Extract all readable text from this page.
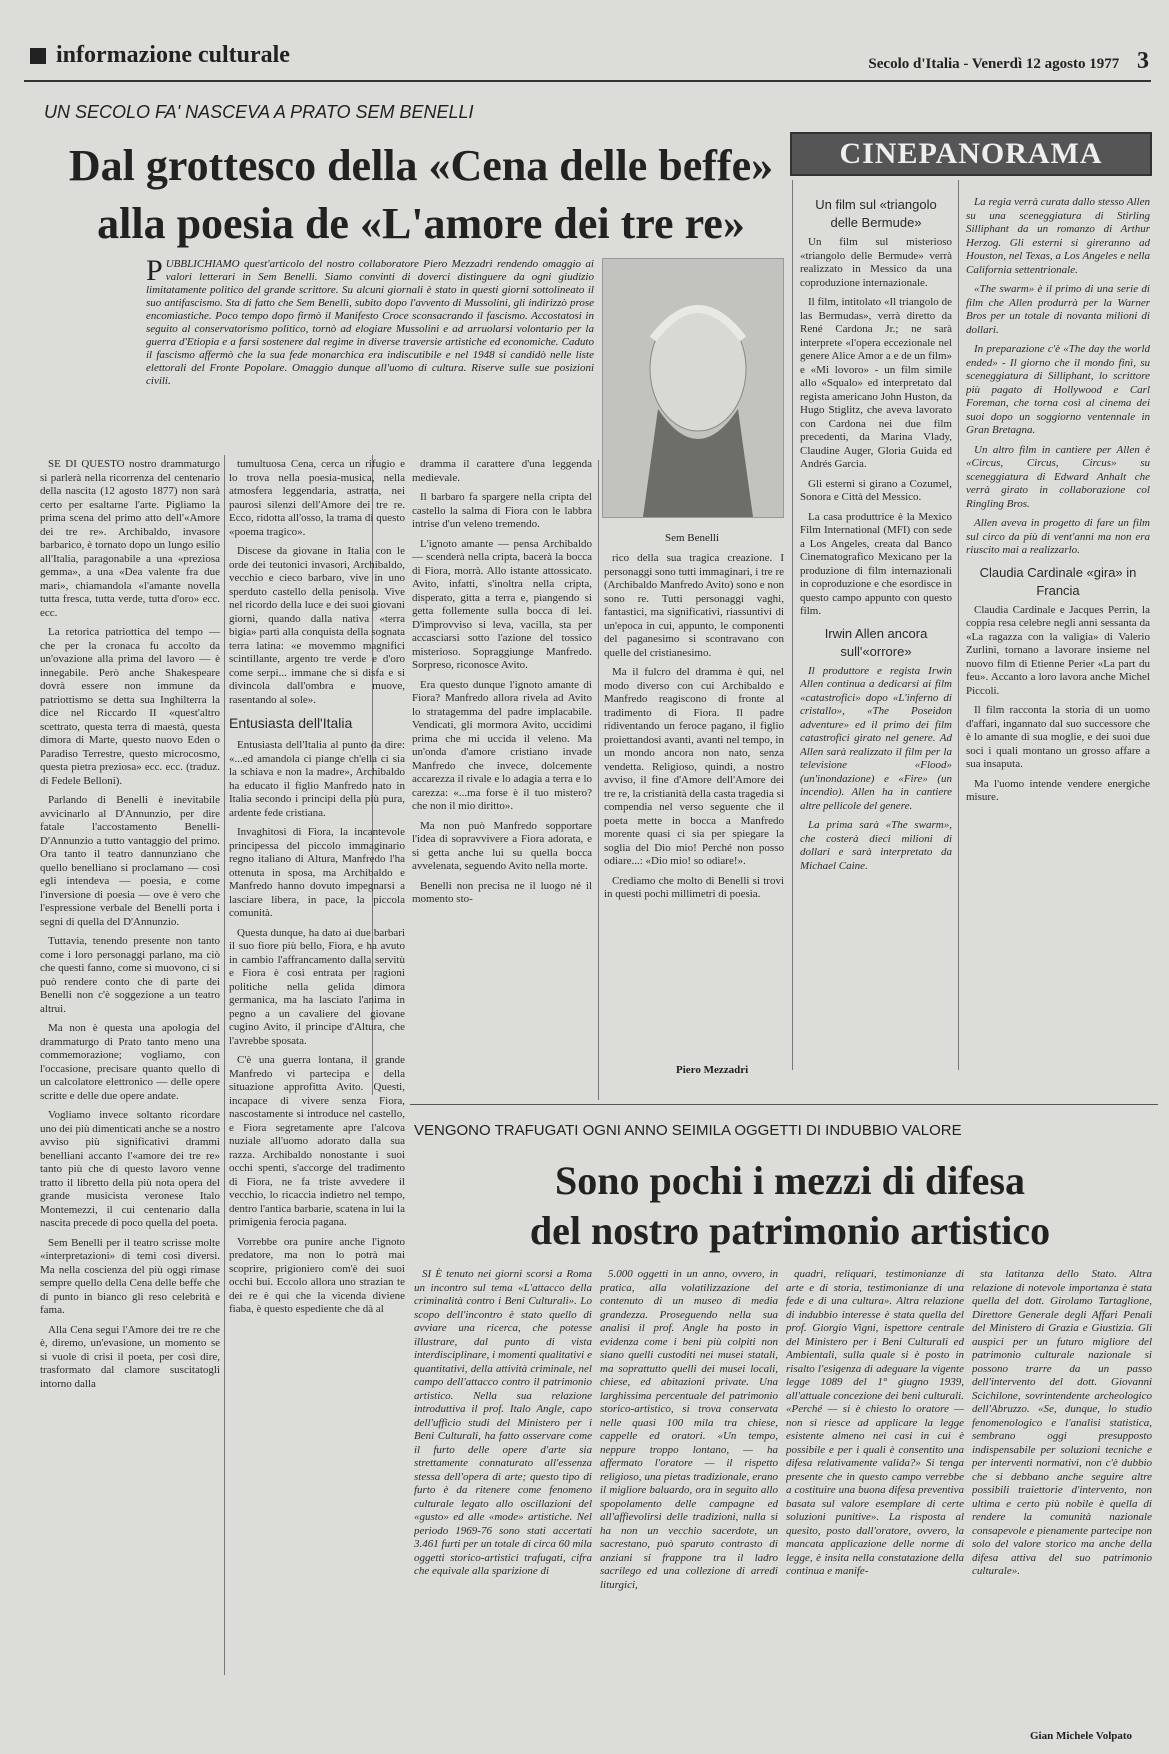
informazione culturale	Secolo d'Italia - Venerdì 12 agosto 1977 3
UN SECOLO FA' NASCEVA A PRATO SEM BENELLI
Dal grottesco della «Cena delle beffe»
alla poesia de «L'amore dei tre re»
PUBBLICHIAMO quest'articolo del nostro collaboratore Piero Mezzadri rendendo omaggio ai valori letterari in Sem Benelli. Siamo convinti di doverci distinguere da ogni giudizio limitatamente politico del grande scrittore. Su alcuni giornali è stato in questi giorni sottolineato il suo antifascismo. Sta di fatto che Sem Benelli, subito dopo l'avvento di Mussolini, gli indirizzò prose encomiastiche. Poco tempo dopo firmò il Manifesto Croce sconsacrando il fascismo. Accostatosi in seguito al conservatorismo politico, tornò ad elogiare Mussolini e ad arruolarsi volontario per la guerra d'Etiopia e a farsi sostenere dal regime in diverse traversie artistiche ed economiche. Caduto il fascismo affermò che la sua fede monarchica era indiscutibile e nel 1948 si candidò nelle liste elettorali del Fronte Popolare. Omaggio dunque all'uomo di cultura. Riserve sulle sue posizioni civili.
Sem Benelli

SE DI QUESTO nostro drammaturgo si parlerà nella ricorrenza del centenario della nascita (12 agosto 1877) non sarà certo per esaltarne l'arte. Pigliamo la prima scena del primo atto dell'«Amore dei tre re». Archibaldo, invasore barbarico, è tornato dopo un lungo esilio all'Italia, paragonabile a una «preziosa gemma», a una «Dea valente fra due mari», chiamandola «l'amante novella tutta fresca, tutta verde, tutta d'oro» ecc. ecc.

La retorica patriottica del tempo — che per la cronaca fu accolto da un'ovazione alla prima del lavoro — è innegabile. Però anche Shakespeare dovrà essere non immune da patriottismo se detta sua Inghilterra la dice nel Riccardo II «quest'altro scettrato, questa terra di maestà, questa dimora di Marte, questo nuovo Eden o Paradiso Terrestre, questo microcosmo, questa pietra preziosa» ecc. ecc. (traduz. di Fedele Belloni).

Parlando di Benelli è inevitabile avvicinarlo al D'Annunzio, per dire fatale l'accostamento Benelli-D'Annunzio a tutto vantaggio del primo. Ora tanto il teatro dannunziano che quello benelliano si proclamano — così egli intendeva — poesia, e come l'inversione di poesia — ove è vero che l'espressione verbale del Benelli porta i segni di quella del D'Annunzio.

Tuttavia, tenendo presente non tanto come i loro personaggi parlano, ma ciò che questi fanno, come si muovono, ci si può rendere conto che di parte dei Benelli non c'è soggezione a un teatro altrui.

Ma non è questa una apologia del drammaturgo di Prato tanto meno una commemorazione; vogliamo, con l'occasione, precisare quanto quello di un calcolatore elettronico — delle opere scritte e delle due opere andate.

Vogliamo invece soltanto ricordare uno dei più dimenticati anche se a nostro avviso più significativi drammi benelliani accanto l'«amore dei tre re» tanto più che di questo lavoro venne tratto il libretto della più nota opera del grande musicista veronese Italo Montemezzi, il cui centenario dalla nascita precede di poco quella del poeta.

Sem Benelli per il teatro scrisse molte «interpretazioni» di temi così diversi. Ma nella coscienza del più oggi rimase sempre quello della Cena delle beffe che di punto in bianco gli reso celebrità e fama.

Alla Cena segui l'Amore dei tre re che è, diremo, un'evasione, un momento se si vuole di crisi il poeta, per così dire, trasformato dal clamore suscitatogli intorno dalla

tumultuosa Cena, cerca un rifugio e lo trova nella poesia-musica, nella atmosfera leggendaria, astratta, nei paurosi silenzi dell'Amore dei tre re. Ecco, ridotta all'osso, la trama di questo «poema tragico».

Discese da giovane in Italia con le orde dei teutonici invasori, Archibaldo, vecchio e cieco barbaro, vive in uno sperduto castello della penisola. Vive nel ricordo della luce e dei suoi giovani giorni, quando dalla nativa «terra bigia» partì alla conquista della sognata terra latina: «e movemmo magnifici scintillante, argento tre verde e d'oro come serpi... immane che si disfa e si divincola dall'ombra e muove, rasentando al sole».

Entusiasta dell'Italia

Entusiasta dell'Italia al punto da dire: «...ed amandola ci piange ch'ella ci sia la schiava e non la madre», Archibaldo ha educato il figlio Manfredo nato in Italia secondo i principi della più pura, ardente fede cristiana.

Invaghitosi di Fiora, la incantevole principessa del piccolo immaginario regno italiano di Altura, Manfredo l'ha ottenuta in sposa, ma Archibaldo e Manfredo hanno dovuto impegnarsi a lasciare libera, in pace, la piccola comunità.

Questa dunque, ha dato ai due barbari il suo fiore più bello, Fiora, e ha avuto in cambio l'affrancamento dalla servitù e Fiora è così entrata per ragioni politiche nella gelida dimora germanica, ma ha lasciato l'anima in pegno a un cavaliere del giovane cugino Avito, il principe d'Altura, che l'avrebbe sposata.

C'è una guerra lontana, il grande Manfredo vi partecipa e della situazione approfitta Avito. Questi, incapace di vivere senza Fiora, nascostamente si introduce nel castello, e Fiora segretamente apre l'alcova nuziale all'uomo adorato dalla sua razza. Archibaldo nonostante i suoi occhi spenti, s'accorge del tradimento di Fiora, ne fa triste avvedere il vecchio, lo ricaccia indietro nel tempo, dentro l'antica barbarie, scatena in lui la primigenia ferocia pagana.

Vorrebbe ora punire anche l'ignoto predatore, ma non lo potrà mai scoprire, prigioniero com'è dei suoi occhi bui. Eccolo allora uno strazian te dei re è qui che la vicenda diviene fiaba, è questo espediente che dà al

dramma il carattere d'una leggenda medievale.

Il barbaro fa spargere nella cripta del castello la salma di Fiora con le labbra intrise d'un veleno tremendo.

L'ignoto amante — pensa Archibaldo — scenderà nella cripta, bacerà la bocca di Fiora, morrà. Allo istante attossicato. Avito, infatti, s'inoltra nella cripta, disperato, gitta a terra e, piangendo si getta follemente sulla bocca di lei. D'improvviso si leva, vacilla, sta per accasciarsi sotto l'azione del tossico misterioso. Sopraggiunge Manfredo. Sorpreso, riconosce Avito.

Era questo dunque l'ignoto amante di Fiora? Manfredo allora rivela ad Avito lo stratagemma del padre implacabile. Vendicati, gli mormora Avito, uccidimi prima che mi uccida il veleno. Ma un'onda d'amore cristiano invade Manfredo che invece, dolcemente accarezza il rivale e lo adagia a terra e lo carezza: «...ma forse è il tuo mistero? che non il mio diritto».

Ma non può Manfredo sopportare l'idea di sopravvivere a Fiora adorata, e si getta anche lui su quella bocca avvelenata, seguendo Avito nella morte.

Benelli non precisa ne il luogo né il momento sto-

rico della sua tragica creazione. I personaggi sono tutti immaginari, i tre re (Archibaldo Manfredo Avito) sono e non sono re. Tutti personaggi vaghi, fantastici, ma significativi, riassuntivi di un'epoca in cui, appunto, le componenti del paganesimo si scontravano con quelle del cristianesimo.

Ma il fulcro del dramma è qui, nel modo diverso con cui Archibaldo e Manfredo reagiscono di fronte al tradimento di Fiora. Il padre ridiventando un feroce pagano, il figlio proiettandosi avanti, avanti nel tempo, in un mondo ancora non nato, senza vendetta. Religioso, quindi, a nostro avviso, il fine d'Amore dell'Amore dei tre re, la cristianità della casta tragedia si compendia nel verso seguente che il poeta mette in bocca a Manfredo morente quasi ci sia per spiegare la soglia del Dio mio! Perché non posso odiare...: «Dio mio! so odiare!».

Crediamo che molto di Benelli si trovi in questi pochi millimetri di poesia.

Piero Mezzadri
CINEPANORAMA
Un film sul «triangolo delle Bermude»

Un film sul misterioso «triangolo delle Bermude» verrà realizzato in Messico da una coproduzione internazionale.

Il film, intitolato «Il triangolo de las Bermudas», verrà diretto da René Cardona Jr.; ne sarà interprete «l'opera eccezionale nel genere Alice Amor a e de un film» e «Mi lovoro» - un film simile allo «Squalo» ed interpretato dal regista americano John Huston, da Hugo Stiglitz, che aveva lavorato con Cardona nei due film precedenti, da Marina Vlady, Claudine Auger, Gloria Guida ed Andrés Garcia.

Gli esterni si girano a Cozumel, Sonora e Città del Messico.

La casa produttrice è la Mexico Film International (MFI) con sede a Los Angeles, creata dal Banco Cinematografico Mexicano per la produzione di film internazionali in coproduzione e che esordisce in questo campo appunto con questo film.

Irwin Allen ancora sull'«orrore»

Il produttore e regista Irwin Allen continua a dedicarsi ai film «catastrofici» dopo «L'inferno di cristallo», «The Poseidon adventure» ed il primo dei film catastrofici girato nel genere. Ad Allen sarà realizzato il film per la televisione «Flood» (un'inondazione) e «Fire» (un incendio). Allen ha in cantiere altre pellicole del genere.

La prima sarà «The swarm», che costerà dieci milioni di dollari e sarà interpretato da Michael Caine.

La regia verrà curata dallo stesso Allen su una sceneggiatura di Stirling Silliphant da un romanzo di Arthur Herzog. Gli esterni si gireranno ad Houston, nel Texas, a Los Angeles e nella California settentrionale.

«The swarm» è il primo di una serie di film che Allen produrrà per la Warner Bros per un totale di novanta milioni di dollari.

In preparazione c'è «The day the world ended» - Il giorno che il mondo finì, su sceneggiatura di Silliphant, lo scrittore più pagato di Hollywood e Carl Foreman, che torna così al cinema dei suoi dopo un soggiorno ventennale in Gran Bretagna.

Un altro film in cantiere per Allen è «Circus, Circus, Circus» su sceneggiatura di Edward Anhalt che verrà girato in collaborazione col Ringling Bros.

Allen aveva in progetto di fare un film sul circo da più di vent'anni ma non era riuscito mai a realizzarlo.

Claudia Cardinale «gira» in Francia

Claudia Cardinale e Jacques Perrin, la coppia resa celebre negli anni sessanta da «La ragazza con la valigia» di Valerio Zurlini, tornano a lavorare insieme nel nuovo film di Etienne Perier «La part du feu». Accanto a loro lavora anche Michel Piccoli.

Il film racconta la storia di un uomo d'affari, ingannato dal suo successore che è lo amante di sua moglie, e dei suoi due soci i quali montano un grosso affare a sua insaputa.

Ma l'uomo intende vendere energiche misure.

VENGONO TRAFUGATI OGNI ANNO SEIMILA OGGETTI DI INDUBBIO VALORE
Sono pochi i mezzi di difesa
del nostro patrimonio artistico

SI È tenuto nei giorni scorsi a Roma un incontro sul tema «L'attacco della criminalità contro i Beni Culturali». Lo scopo dell'incontro è stato quello di avviare una ricerca, che potesse illustrare, dal punto di vista interdisciplinare, i momenti qualitativi e quantitativi, della attività criminale, nel campo dell'attacco contro il patrimonio artistico. Nella sua relazione introduttiva il prof. Italo Angle, capo dell'ufficio studi del Ministero per i Beni Culturali, ha fatto osservare come il furto delle opere d'arte sia strettamente connaturato all'essenza stessa dell'opera di arte; questo tipo di furto è da ritenere come fenomeno culturale legato allo oscillazioni del «gusto» ed alle «mode» artistiche. Nel periodo 1969-76 sono stati accertati 3.461 furti per un totale di circa 60 mila oggetti storico-artistici trafugati, cifra che equivale alla sparizione di

5.000 oggetti in un anno, ovvero, in pratica, alla volatilizzazione del contenuto di un museo di media grandezza. Proseguendo nella sua analisi il prof. Angle ha posto in evidenza come i beni più colpiti non siano quelli custoditi nei musei statali, ma soprattutto quelli dei musei locali, chiese, ed abitazioni private. Una larghissima percentuale del patrimonio storico-artistico, si trova conservata nelle quasi 100 mila tra chiese, cappelle ed oratori. «Un tempo, neppure troppo lontano, — ha affermato l'oratore — il rispetto religioso, una pietas tradizionale, erano il migliore baluardo, ora in seguito allo spopolamento delle campagne ed all'affievolirsi delle tradizioni, nulla si ha non un vecchio sacerdote, un sacrestano, può sparuto contrasto di anziani si frappone tra il ladro sacrilego ed una collezione di arredi liturgici,

quadri, reliquari, testimonianze di arte e di storia, testimonianze di una fede e di una cultura». Altra relazione di indubbio interesse è stata quella del prof. Giorgio Vigni, ispettore centrale del Ministero per i Beni Culturali ed Ambientali, sulla quale si è posto in risalto l'esigenza di adeguare la vigente legge 1089 del 1° giugno 1939, all'attuale concezione dei beni culturali. «Perché — si è chiesto lo oratore — non si riesce ad applicare la legge esistente almeno nei casi in cui è possibile e per i quali è consentito una difesa relativamente valida?» Si tenga presente che in questo campo verrebbe a costituire una buona difesa preventiva basata sul valore esemplare di certe soluzioni punitive». La risposta al quesito, posto dall'oratore, ovvero, la mancata applicazione delle norme di legge, è insita nella constatazione della continua e manife-

sta latitanza dello Stato. Altra relazione di notevole importanza è stata quella del dott. Girolamo Tartaglione, Direttore Generale degli Affari Penali del Ministero di Grazia e Giustizia. Gli auspici per un futuro migliore del patrimonio culturale nazionale si possono trarre da un passo dell'intervento del dott. Giovanni Scichilone, sovrintendente archeologico dell'Abruzzo. «Se, dunque, lo studio fenomenologico e l'analisi statistica, sembrano oggi presupposto indispensabile per soluzioni tecniche e per interventi normativi, non c'è dubbio che si debbano anche seguire altre possibili traiettorie d'intervento, non ultima e certo più nobile è quella di rendere la comunità nazionale consapevole e pienamente partecipe non solo del valore storico ma anche della difesa attiva del suo patrimonio culturale».

Gian Michele Volpato
